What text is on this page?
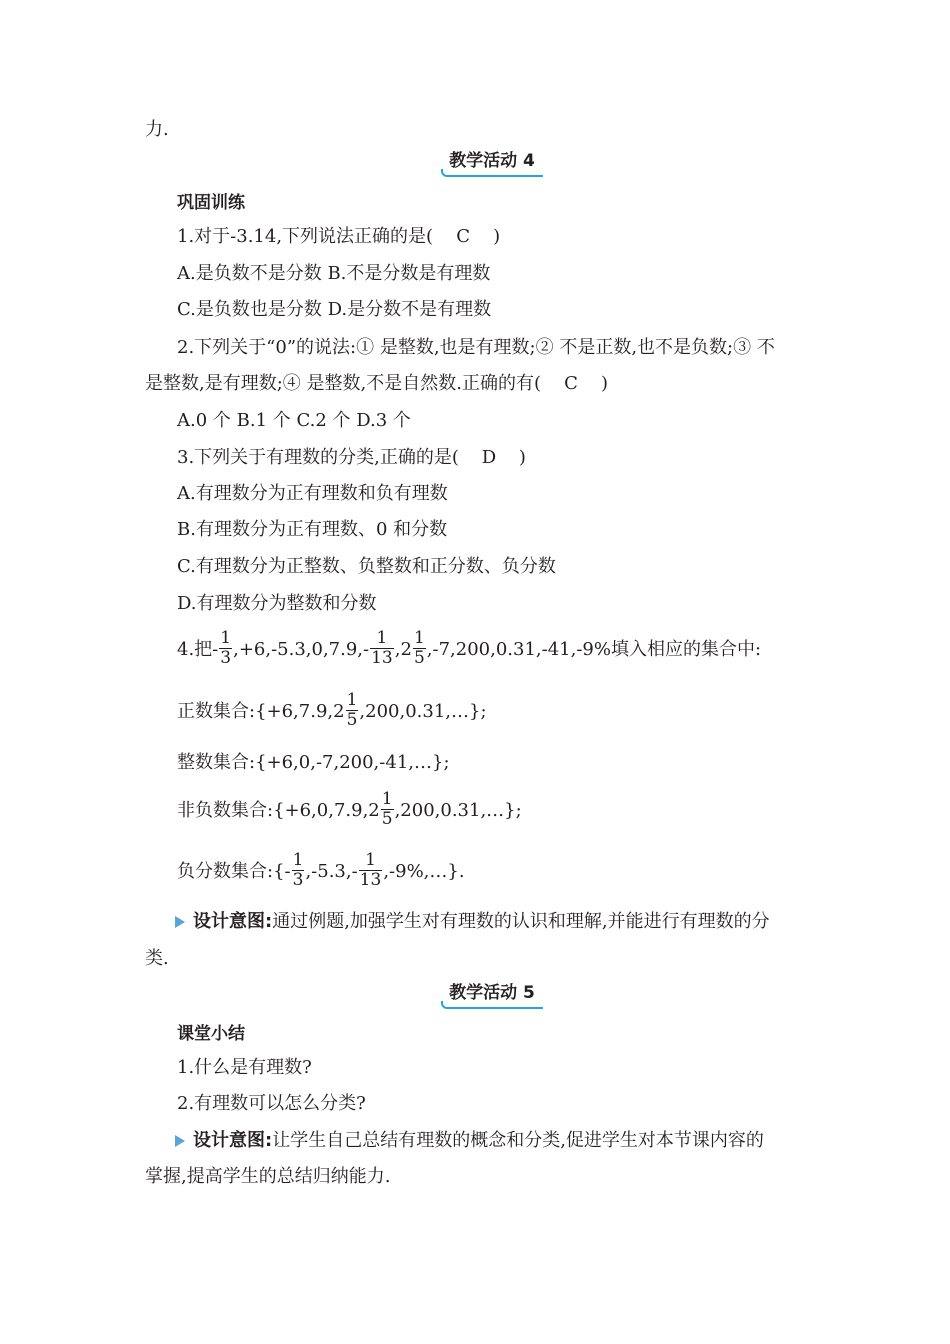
力.
教学活动 4
巩固训练
1.对于-3.14,下列说法正确的是( C )
A.是负数不是分数 B.不是分数是有理数
C.是负数也是分数 D.是分数不是有理数
2.下列关于“0”的说法:① 是整数,也是有理数;② 不是正数,也不是负数;③ 不
是整数,是有理数;④ 是整数,不是自然数.正确的有( C )
A.0 个 B.1 个 C.2 个 D.3 个
3.下列关于有理数的分类,正确的是( D )
A.有理数分为正有理数和负有理数
B.有理数分为正有理数、0 和分数
C.有理数分为正整数、负整数和正分数、负分数
D.有理数分为整数和分数
4.把- $\frac{1}{3} ,+6,-5.3,0,7.9,- \frac{1}{13} ,2 \frac{1}{5} ,-7,200,0.31,-41,-9\%$填入相应的集合中:
正数集合:{+6,7.9,2 $\frac{1}{5}$ ,200,0.31,…};
整数集合:{+6,0,-7,200,-41,…};
非负数集合:{+6,0,7.9,2 $\frac{1}{5}$ ,200,0.31,…};
负分数集合:{- $\frac{1}{3} ,-5.3,- \frac{1}{13}$ ,-9%,…}.
设计意图:通过例题,加强学生对有理数的认识和理解,并能进行有理数的分
类.
教学活动 5
课堂小结
1.什么是有理数?
2.有理数可以怎么分类?
设计意图:让学生自己总结有理数的概念和分类,促进学生对本节课内容的
掌握,提高学生的总结归纳能力.
